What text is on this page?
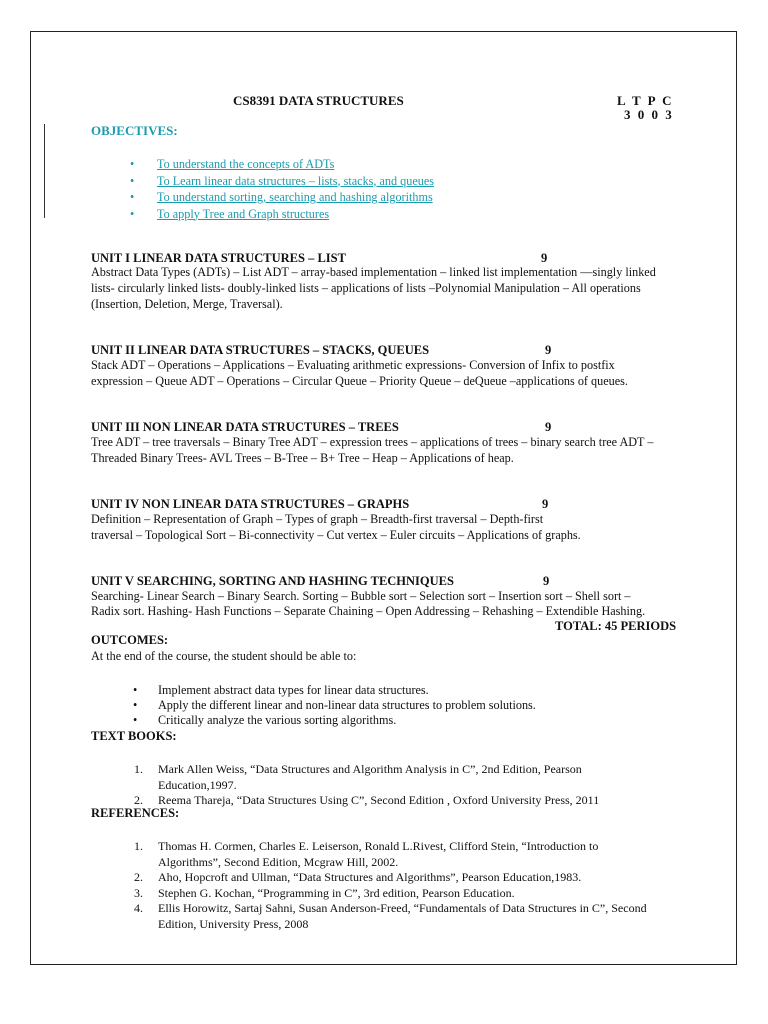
CS8391 DATA STRUCTURES	L T P C
3 0 0 3
OBJECTIVES:
• To understand the concepts of ADTs
• To Learn linear data structures – lists, stacks, and queues
• To understand sorting, searching and hashing algorithms
• To apply Tree and Graph structures
UNIT I LINEAR DATA STRUCTURES – LIST	9
Abstract Data Types (ADTs) – List ADT – array-based implementation – linked list implementation ––singly linked
lists- circularly linked lists- doubly-linked lists – applications of lists –Polynomial Manipulation – All operations
(Insertion, Deletion, Merge, Traversal).
UNIT II LINEAR DATA STRUCTURES – STACKS, QUEUES	9
Stack ADT – Operations – Applications – Evaluating arithmetic expressions- Conversion of Infix to postfix
expression – Queue ADT – Operations – Circular Queue – Priority Queue – deQueue –applications of queues.
UNIT III NON LINEAR DATA STRUCTURES – TREES	9
Tree ADT – tree traversals – Binary Tree ADT – expression trees – applications of trees – binary search tree ADT –
Threaded Binary Trees- AVL Trees – B-Tree – B+ Tree – Heap – Applications of heap.
UNIT IV NON LINEAR DATA STRUCTURES – GRAPHS	9
Definition – Representation of Graph – Types of graph – Breadth-first traversal – Depth-first
traversal – Topological Sort – Bi-connectivity – Cut vertex – Euler circuits – Applications of graphs.
UNIT V SEARCHING, SORTING AND HASHING TECHNIQUES	9
Searching- Linear Search – Binary Search. Sorting – Bubble sort – Selection sort – Insertion sort – Shell sort –
Radix sort. Hashing- Hash Functions – Separate Chaining – Open Addressing – Rehashing – Extendible Hashing.
TOTAL: 45 PERIODS
OUTCOMES:
At the end of the course, the student should be able to:
• Implement abstract data types for linear data structures.
• Apply the different linear and non-linear data structures to problem solutions.
• Critically analyze the various sorting algorithms.
TEXT BOOKS:
1. Mark Allen Weiss, “Data Structures and Algorithm Analysis in C”, 2nd Edition, Pearson
Education,1997.
2. Reema Thareja, “Data Structures Using C”, Second Edition , Oxford University Press, 2011
REFERENCES:
1. Thomas H. Cormen, Charles E. Leiserson, Ronald L.Rivest, Clifford Stein, “Introduction to
Algorithms”, Second Edition, Mcgraw Hill, 2002.
2. Aho, Hopcroft and Ullman, “Data Structures and Algorithms”, Pearson Education,1983.
3. Stephen G. Kochan, “Programming in C”, 3rd edition, Pearson Education.
4. Ellis Horowitz, Sartaj Sahni, Susan Anderson-Freed, “Fundamentals of Data Structures in C”, Second
Edition, University Press, 2008
